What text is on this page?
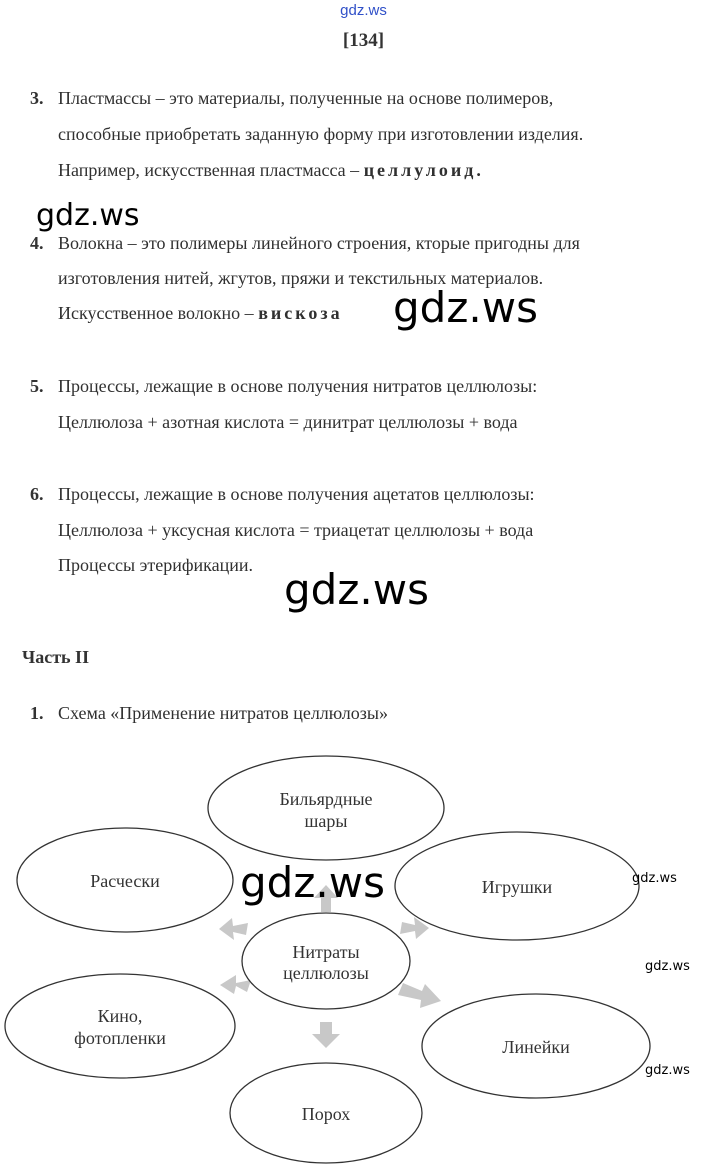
gdz.ws
[134]
3. Пластмассы – это материалы, полученные на основе полимеров,
способные приобретать заданную форму при изготовлении изделия.
Например, искусственная пластмасса – целлулоид.
4. Волокна – это полимеры линейного строения, кторые пригодны для
изготовления нитей, жгутов, пряжи и текстильных материалов.
Искусственное волокно – вискоза
5. Процессы, лежащие в основе получения нитратов целлюлозы:
Целлюлоза + азотная кислота = динитрат целлюлозы + вода
6. Процессы, лежащие в основе получения ацетатов целлюлозы:
Целлюлоза + уксусная кислота = триацетат целлюлозы + вода
Процессы этерификации.
Часть II
1. Схема «Применение нитратов целлюлозы»
Бильярдные
шары
Расчески	Игрушки
Кино,
фотопленки	Линейки
Порох
Нитраты
целлюлозы
gdz.ws
gdz.ws
gdz.ws
gdz.ws	gdz.ws
gdz.ws
gdz.ws
